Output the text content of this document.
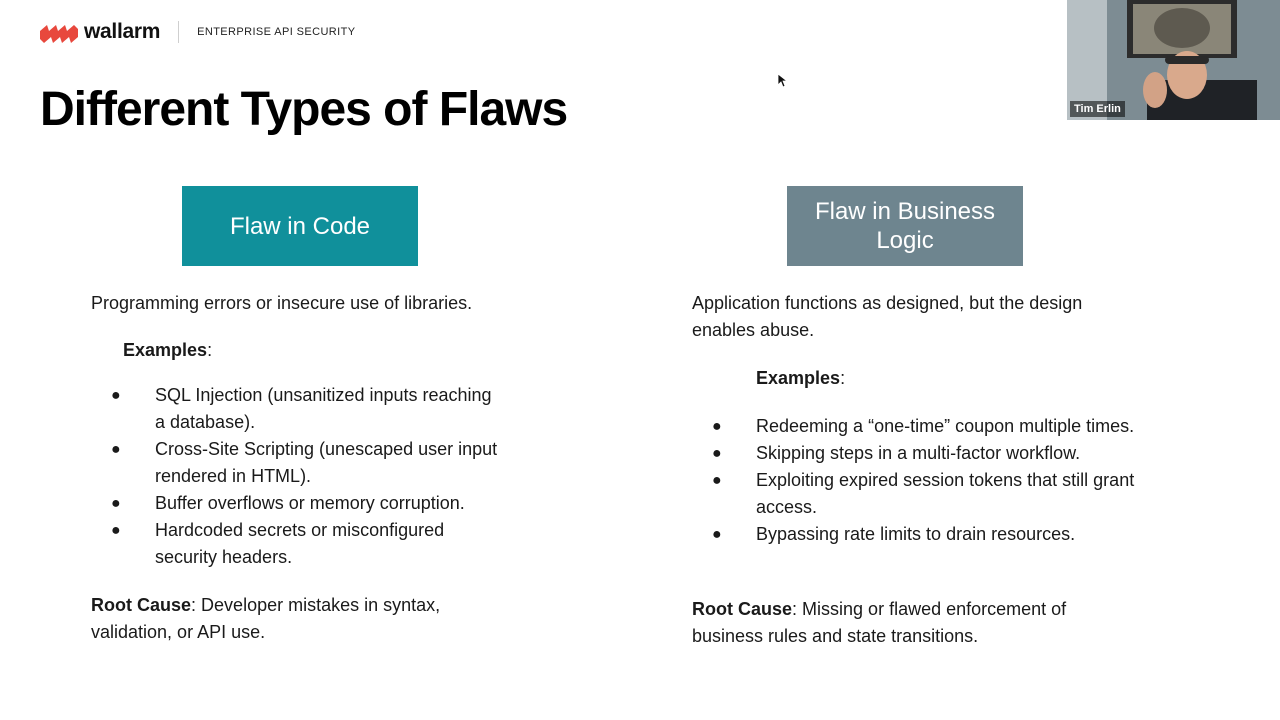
wallarm	ENTERPRISE API SECURITY
Different Types of Flaws
Flaw in Code
Flaw in Business Logic

Programming errors or insecure use of libraries.

Examples:

● SQL Injection (unsanitized inputs reaching a database).
● Cross-Site Scripting (unescaped user input rendered in HTML).
● Buffer overflows or memory corruption.
● Hardcoded secrets or misconfigured security headers.

Root Cause: Developer mistakes in syntax, validation, or API use.

Application functions as designed, but the design enables abuse.

Examples:

● Redeeming a “one-time” coupon multiple times.
● Skipping steps in a multi-factor workflow.
● Exploiting expired session tokens that still grant access.
● Bypassing rate limits to drain resources.

Root Cause: Missing or flawed enforcement of business rules and state transitions.

Tim Erlin
